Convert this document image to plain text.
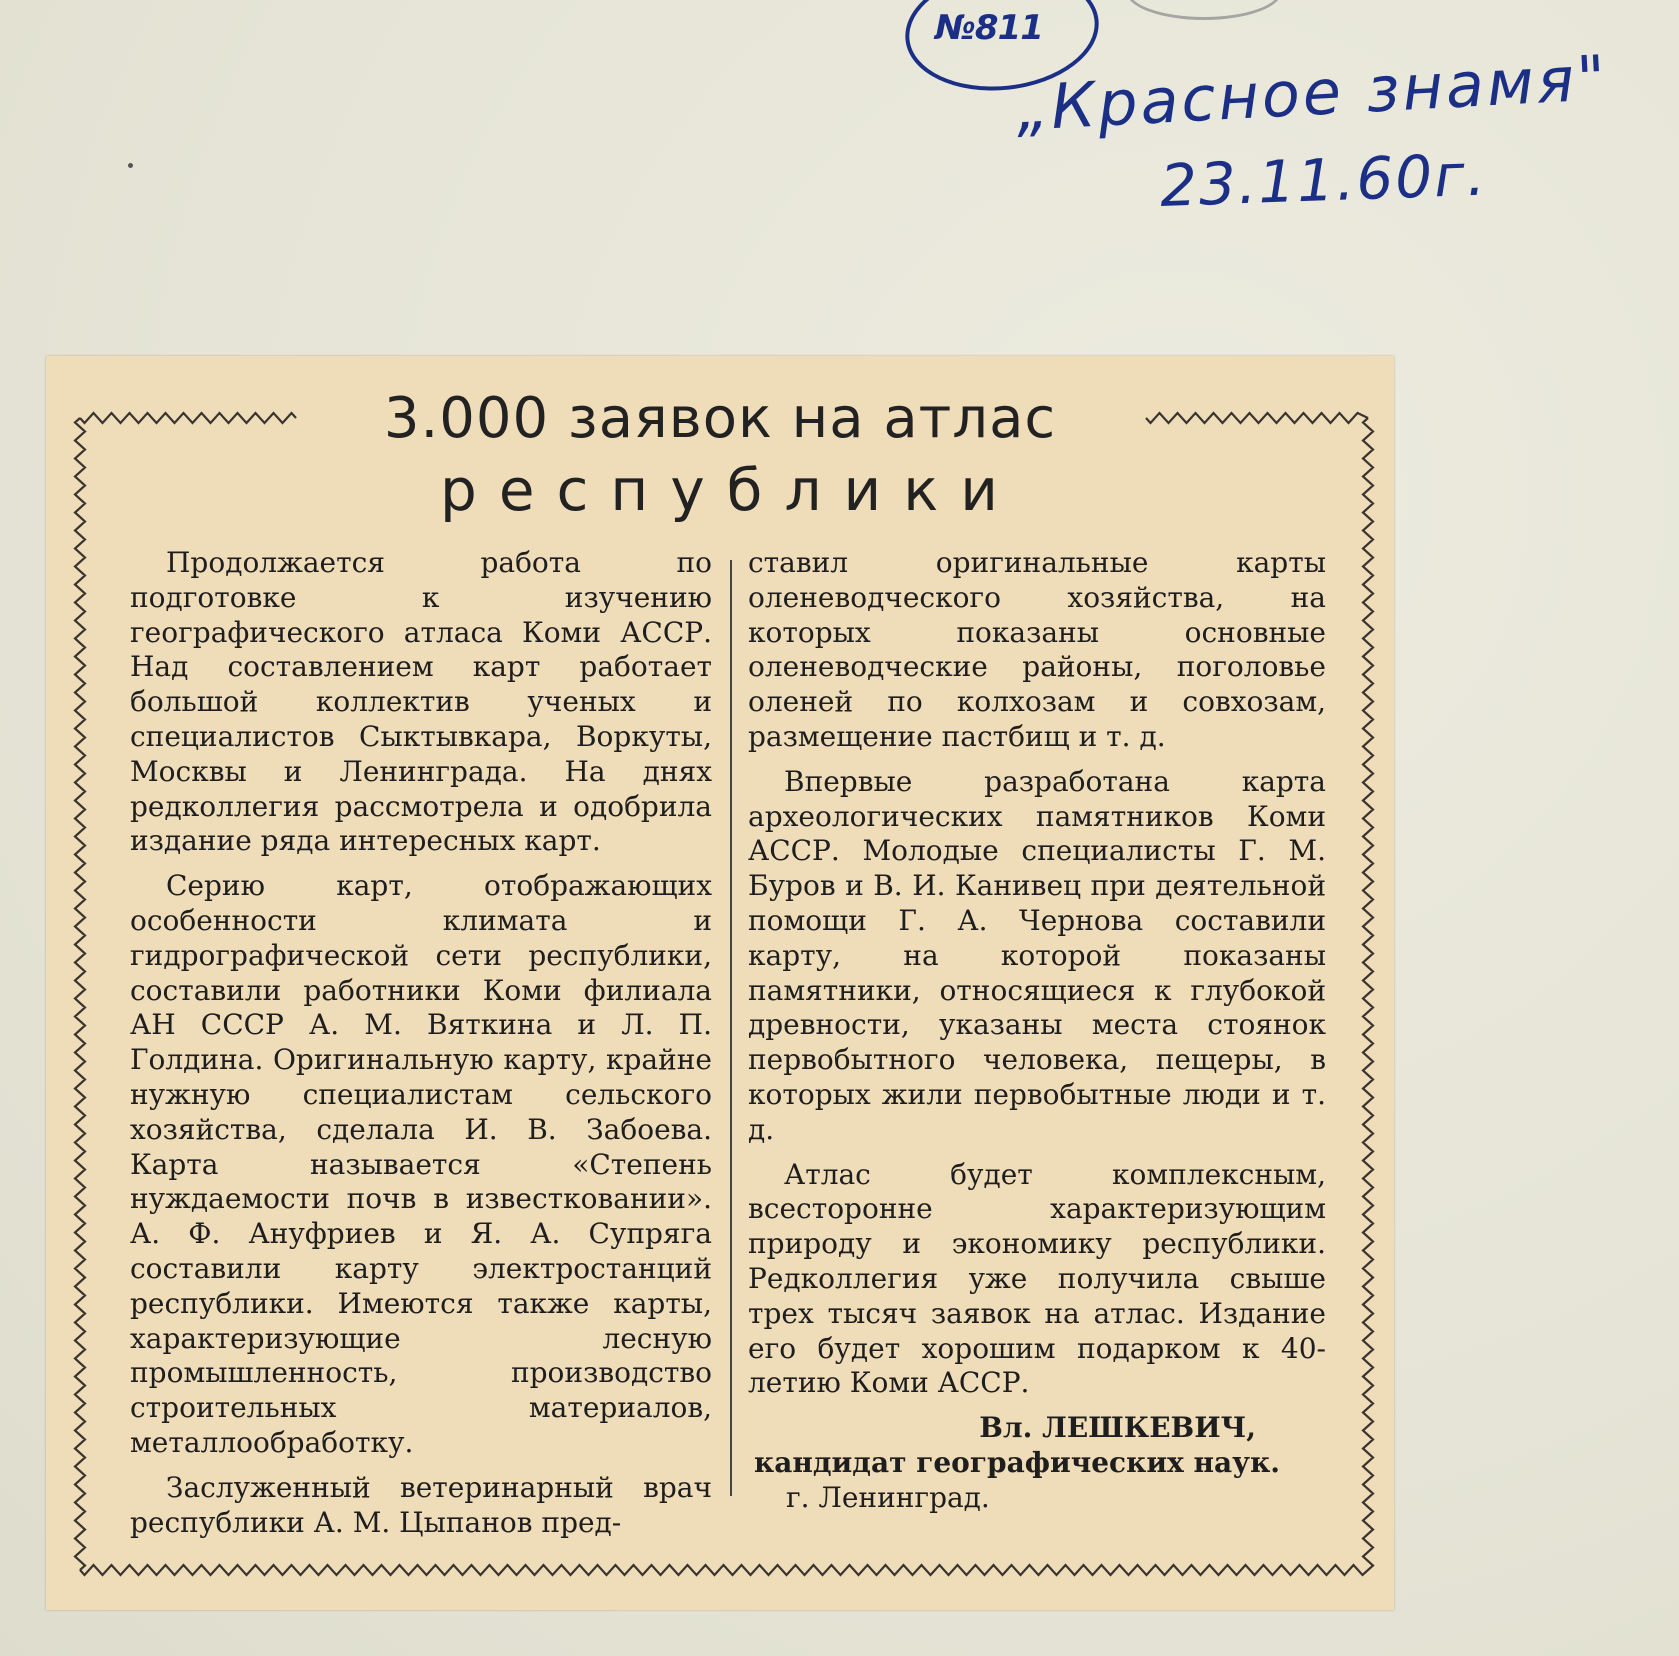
№811
„Красное знамя"
23.11.60г.
3.000 заявок на атлас
республики

Продолжается работа по подготовке к изучению географического атласа Коми АССР. Над составлением карт работает большой коллектив ученых и специалистов Сыктывкара, Воркуты, Москвы и Ленинграда. На днях редколлегия рассмотрела и одобрила издание ряда интересных карт.

Серию карт, отображающих особенности климата и гидрографической сети республики, составили работники Коми филиала АН СССР А. М. Вяткина и Л. П. Голдина. Оригинальную карту, крайне нужную специалистам сельского хозяйства, сделала И. В. Забоева. Карта называется «Степень нуждаемости почв в известковании». А. Ф. Ануфриев и Я. А. Супряга составили карту электростанций республики. Имеются также карты, характеризующие лесную промышленность, производство строительных материалов, металлообработку.

Заслуженный ветеринарный врач республики А. М. Цыпанов пред-

ставил оригинальные карты оленеводческого хозяйства, на которых показаны основные оленеводческие районы, поголовье оленей по колхозам и совхозам, размещение пастбищ и т. д.

Впервые разработана карта археологических памятников Коми АССР. Молодые специалисты Г. М. Буров и В. И. Канивец при деятельной помощи Г. А. Чернова составили карту, на которой показаны памятники, относящиеся к глубокой древности, указаны места стоянок первобытного человека, пещеры, в которых жили первобытные люди и т. д.

Атлас будет комплексным, всесторонне характеризующим природу и экономику республики. Редколлегия уже получила свыше трех тысяч заявок на атлас. Издание его будет хорошим подарком к 40-летию Коми АССР.

Вл. ЛЕШКЕВИЧ,
кандидат географических наук.
г. Ленинград.
